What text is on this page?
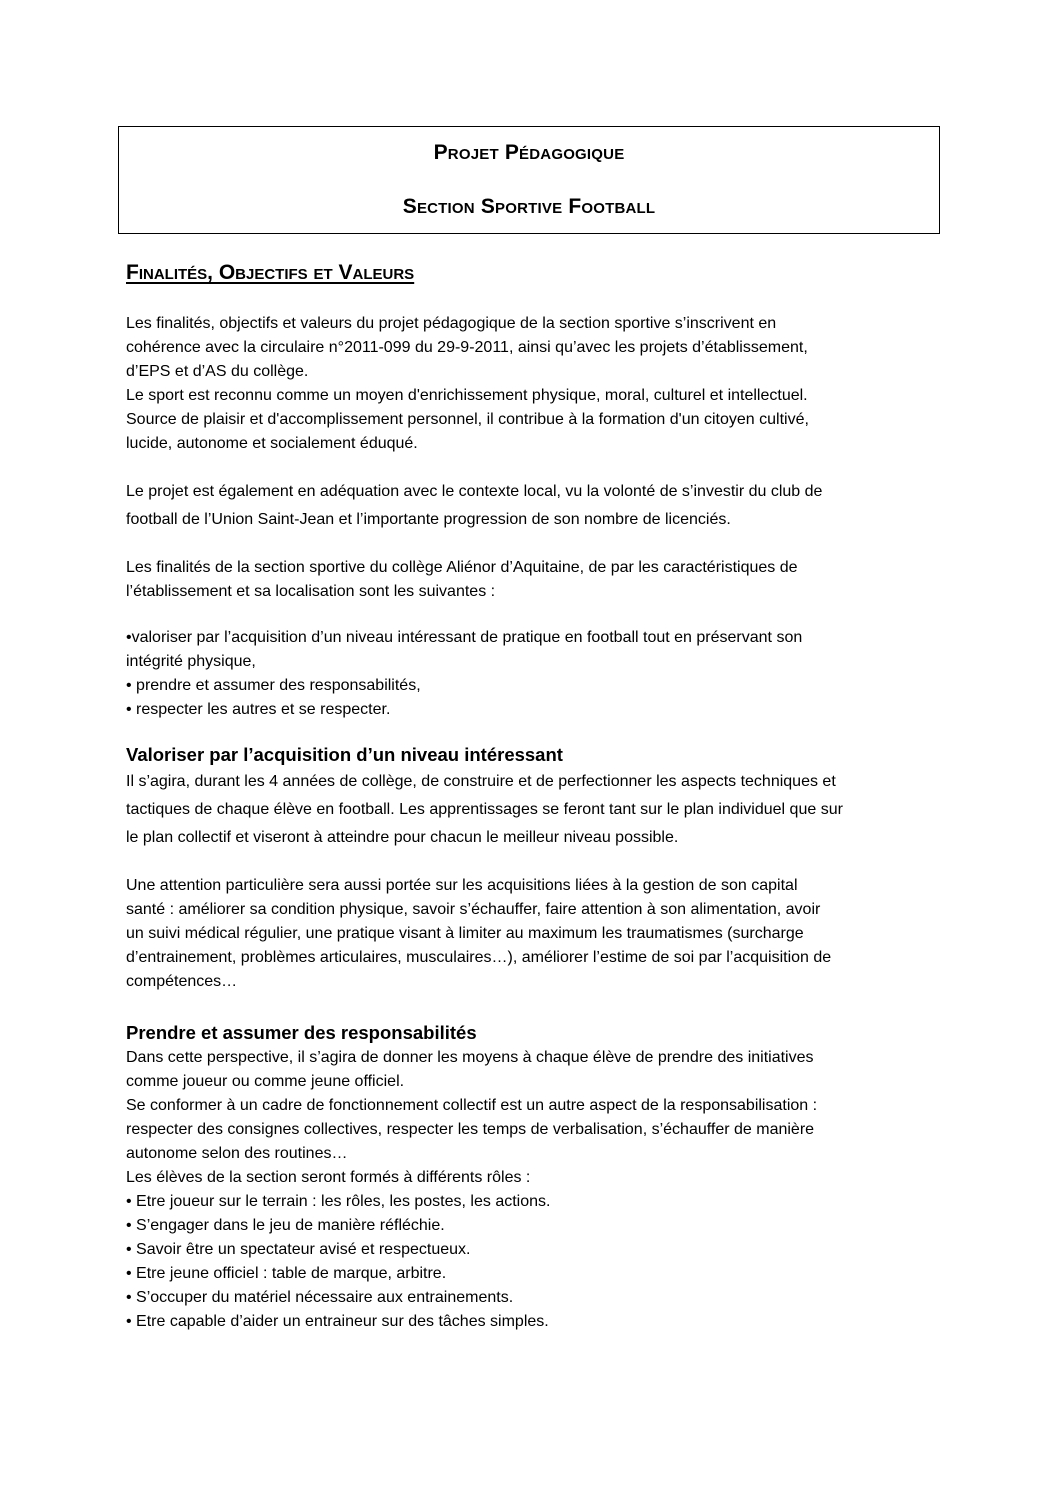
Projet Pédagogique
Section Sportive Football
Finalités, Objectifs et Valeurs

Les finalités, objectifs et valeurs du projet pédagogique de la section sportive s’inscrivent en

cohérence avec la circulaire n°2011-099 du 29-9-2011, ainsi qu’avec les projets d’établissement,

d’EPS et d’AS du collège.

Le sport est reconnu comme un moyen d'enrichissement physique, moral, culturel et intellectuel.

Source de plaisir et d'accomplissement personnel, il contribue à la formation d'un citoyen cultivé,

lucide, autonome et socialement éduqué.

Le projet est également en adéquation avec le contexte local, vu la volonté de s’investir du club de

football de l’Union Saint-Jean et l’importante progression de son nombre de licenciés.

Les finalités de la section sportive du collège Aliénor d’Aquitaine, de par les caractéristiques de

l’établissement et sa localisation sont les suivantes :

•valoriser par l’acquisition d’un niveau intéressant de pratique en football tout en préservant son

intégrité physique,

• prendre et assumer des responsabilités,

• respecter les autres et se respecter.

Valoriser par l’acquisition d’un niveau intéressant

Il s’agira, durant les 4 années de collège, de construire et de perfectionner les aspects techniques et

tactiques de chaque élève en football. Les apprentissages se feront tant sur le plan individuel que sur

le plan collectif et viseront à atteindre pour chacun le meilleur niveau possible.

Une attention particulière sera aussi portée sur les acquisitions liées à la gestion de son capital

santé : améliorer sa condition physique, savoir s’échauffer, faire attention à son alimentation, avoir

un suivi médical régulier, une pratique visant à limiter au maximum les traumatismes (surcharge

d’entrainement, problèmes articulaires, musculaires…), améliorer l’estime de soi par l’acquisition de

compétences…

Prendre et assumer des responsabilités

Dans cette perspective, il s’agira de donner les moyens à chaque élève de prendre des initiatives

comme joueur ou comme jeune officiel.

Se conformer à un cadre de fonctionnement collectif est un autre aspect de la responsabilisation :

respecter des consignes collectives, respecter les temps de verbalisation, s’échauffer de manière

autonome selon des routines…

Les élèves de la section seront formés à différents rôles :

• Etre joueur sur le terrain : les rôles, les postes, les actions.

• S’engager dans le jeu de manière réfléchie.

• Savoir être un spectateur avisé et respectueux.

• Etre jeune officiel : table de marque, arbitre.

• S’occuper du matériel nécessaire aux entrainements.

• Etre capable d’aider un entraineur sur des tâches simples.
